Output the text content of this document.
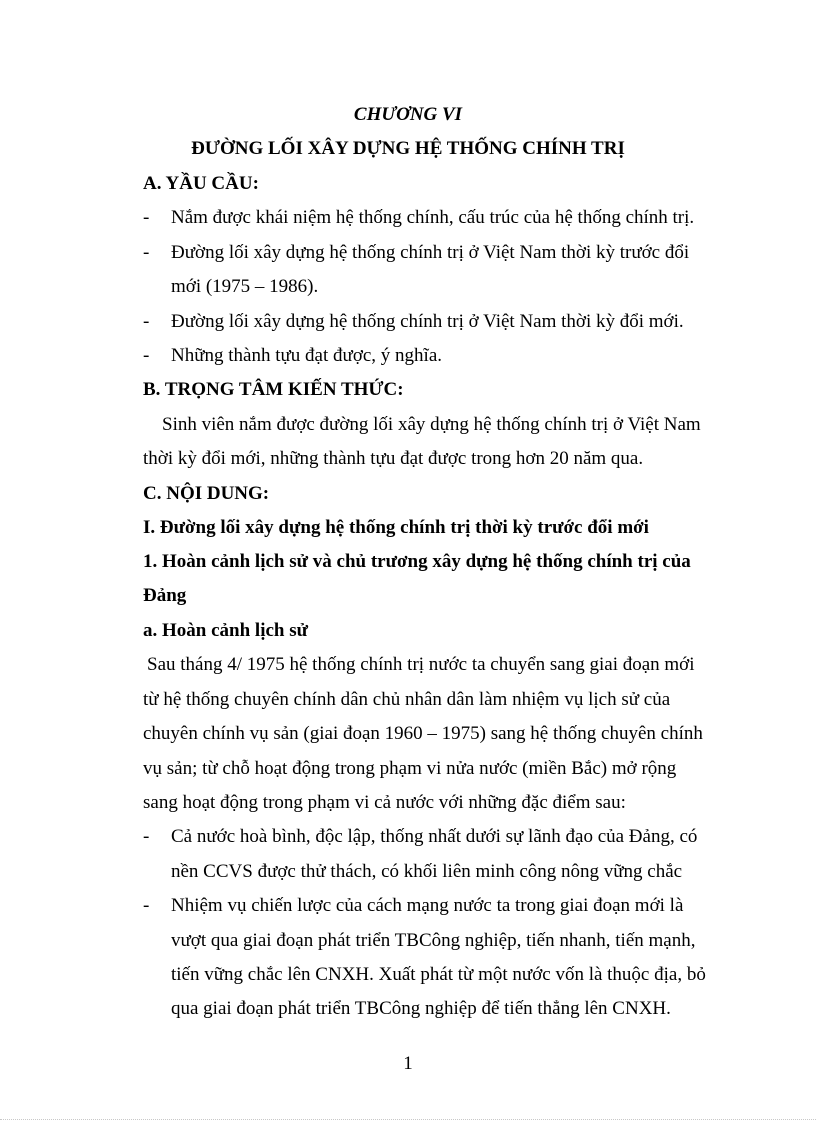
CHƯƠNG VI
ĐƯỜNG LỐI XÂY DỰNG HỆ THỐNG CHÍNH TRỊ
A. YẦU CẦU:
- Nắm được khái niệm hệ thống chính, cấu trúc của hệ thống chính trị.
- Đường lối xây dựng hệ thống chính trị ở Việt Nam thời kỳ trước đổi
mới (1975 – 1986).
- Đường lối xây dựng hệ thống chính trị ở Việt Nam thời kỳ đổi mới.
- Những thành tựu đạt được, ý nghĩa.
B. TRỌNG TÂM KIẾN THỨC:
Sinh viên nắm được đường lối xây dựng hệ thống chính trị ở Việt Nam
thời kỳ đổi mới, những thành tựu đạt được trong hơn 20 năm qua.
C. NỘI DUNG:
I. Đường lối xây dựng hệ thống chính trị thời kỳ trước đổi mới
1. Hoàn cảnh lịch sử và chủ trương xây dựng hệ thống chính trị của
Đảng
a. Hoàn cảnh lịch sử
Sau tháng 4/ 1975 hệ thống chính trị nước ta chuyển sang giai đoạn mới
từ hệ thống chuyên chính dân chủ nhân dân làm nhiệm vụ lịch sử của
chuyên chính vụ sản (giai đoạn 1960 – 1975) sang hệ thống chuyên chính
vụ sản; từ chỗ hoạt động trong phạm vi nửa nước (miền Bắc) mở rộng
sang hoạt động trong phạm vi cả nước với những đặc điểm sau:
- Cả nước hoà bình, độc lập, thống nhất dưới sự lãnh đạo của Đảng, có
nền CCVS được thử thách, có khối liên minh công nông vững chắc
- Nhiệm vụ chiến lược của cách mạng nước ta trong giai đoạn mới là
vượt qua giai đoạn phát triển TBCông nghiệp, tiến nhanh, tiến mạnh,
tiến vững chắc lên CNXH. Xuất phát từ một nước vốn là thuộc địa, bỏ
qua giai đoạn phát triển TBCông nghiệp để tiến thẳng lên CNXH.
1
